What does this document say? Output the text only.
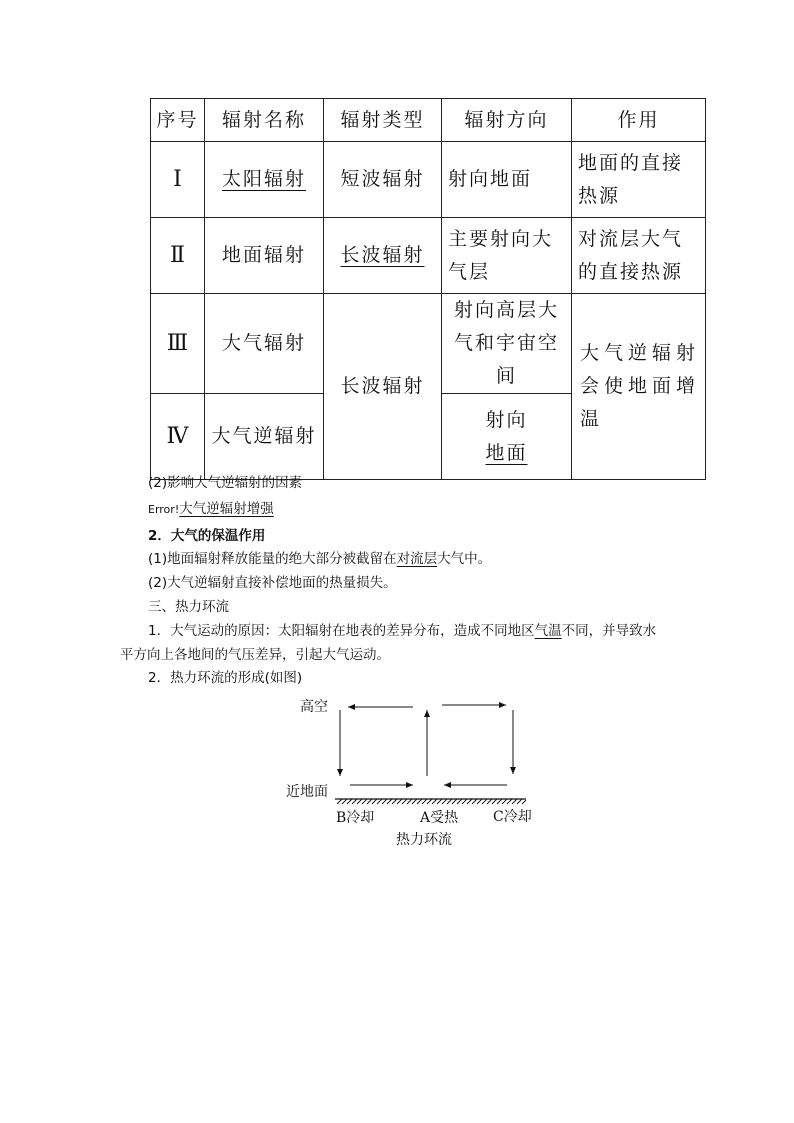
序号	辐射名称	辐射类型	辐射方向	作用
Ⅰ	太阳辐射	短波辐射	射向地面	地面的直接热源
Ⅱ	地面辐射	长波辐射	主要射向大气层	对流层大气的直接热源
Ⅲ	大气辐射	长波辐射	射向高层大气和宇宙空间	大气逆辐射会使地面增温
Ⅳ	大气逆辐射		射向
地面	
(2)影响大气逆辐射的因素
Error!大气逆辐射增强
2．大气的保温作用
(1)地面辐射释放能量的绝大部分被截留在对流层大气中。
(2)大气逆辐射直接补偿地面的热量损失。
三、热力环流
1．大气运动的原因：太阳辐射在地表的差异分布，造成不同地区气温不同，并导致水
平方向上各地间的气压差异，引起大气运动。
2．热力环流的形成(如图)
高空
近地面
B冷却	A受热 C冷却
热力环流
